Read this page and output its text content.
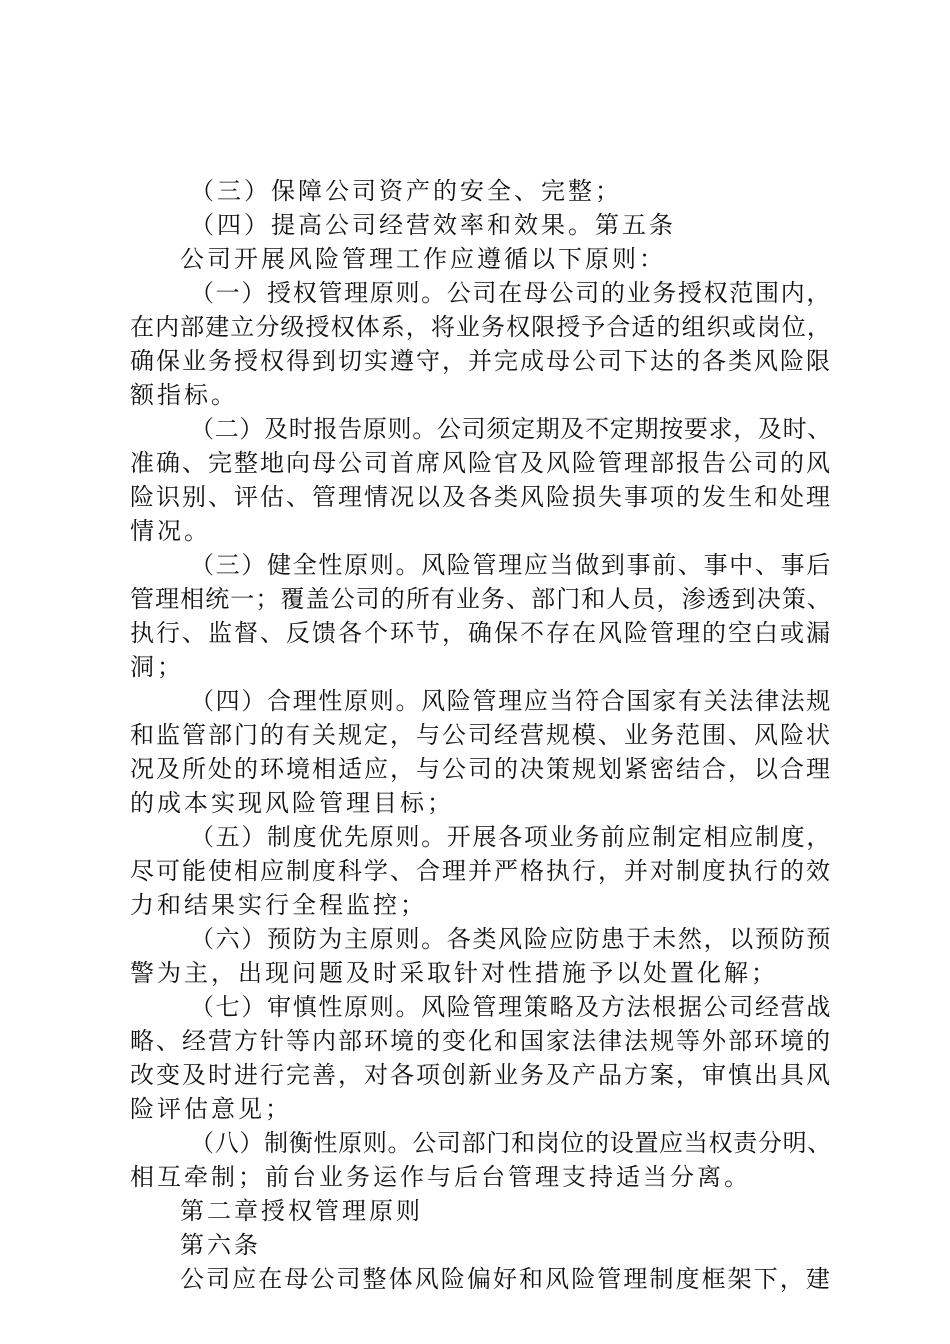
（三）保障公司资产的安全、完整；

（四）提高公司经营效率和效果。第五条

公司开展风险管理工作应遵循以下原则：

（一）授权管理原则。公司在母公司的业务授权范围内，

在内部建立分级授权体系，将业务权限授予合适的组织或岗位，

确保业务授权得到切实遵守，并完成母公司下达的各类风险限

额指标。

（二）及时报告原则。公司须定期及不定期按要求，及时、

准确、完整地向母公司首席风险官及风险管理部报告公司的风

险识别、评估、管理情况以及各类风险损失事项的发生和处理

情况。

（三）健全性原则。风险管理应当做到事前、事中、事后

管理相统一；覆盖公司的所有业务、部门和人员，渗透到决策、

执行、监督、反馈各个环节，确保不存在风险管理的空白或漏

洞；

（四）合理性原则。风险管理应当符合国家有关法律法规

和监管部门的有关规定，与公司经营规模、业务范围、风险状

况及所处的环境相适应，与公司的决策规划紧密结合，以合理

的成本实现风险管理目标；

（五）制度优先原则。开展各项业务前应制定相应制度，

尽可能使相应制度科学、合理并严格执行，并对制度执行的效

力和结果实行全程监控；

（六）预防为主原则。各类风险应防患于未然，以预防预

警为主，出现问题及时采取针对性措施予以处置化解；

（七）审慎性原则。风险管理策略及方法根据公司经营战

略、经营方针等内部环境的变化和国家法律法规等外部环境的

改变及时进行完善，对各项创新业务及产品方案，审慎出具风

险评估意见；

（八）制衡性原则。公司部门和岗位的设置应当权责分明、

相互牵制；前台业务运作与后台管理支持适当分离。

第二章授权管理原则

第六条

公司应在母公司整体风险偏好和风险管理制度框架下，建
